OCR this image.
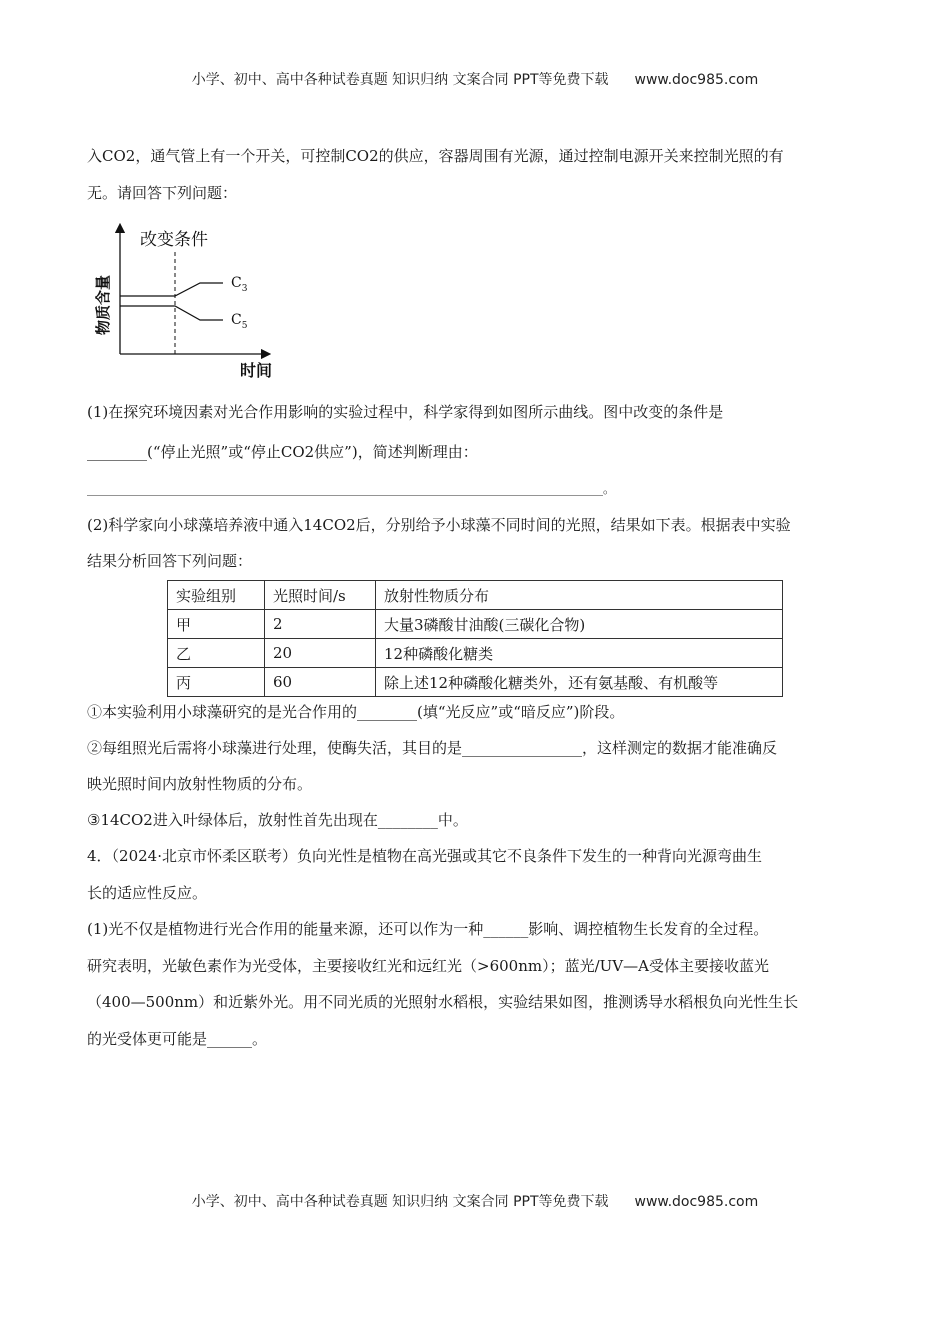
小学、初中、高中各种试卷真题 知识归纳 文案合同 PPT等免费下载 www.doc985.com
入CO2，通气管上有一个开关，可控制CO2的供应，容器周围有光源，通过控制电源开关来控制光照的有
无。请回答下列问题：
改变条件
物质含量
时间
$C_3$
$C_5$
(1)在探究环境因素对光合作用影响的实验过程中，科学家得到如图所示曲线。图中改变的条件是
________(“停止光照”或“停止CO2供应”)，简述判断理由：
______________________________________________________________________________________。
(2)科学家向小球藻培养液中通入14CO2后，分别给予小球藻不同时间的光照，结果如下表。根据表中实验
结果分析回答下列问题：
实验组别	光照时间/s	放射性物质分布
甲	2	大量3磷酸甘油酸(三碳化合物)
乙	20	12种磷酸化糖类
丙	60	除上述12种磷酸化糖类外，还有氨基酸、有机酸等
①本实验利用小球藻研究的是光合作用的________(填“光反应”或“暗反应”)阶段。
②每组照光后需将小球藻进行处理，使酶失活，其目的是________________，这样测定的数据才能准确反
映光照时间内放射性物质的分布。
③14CO2进入叶绿体后，放射性首先出现在________中。
4．（2024·北京市怀柔区联考）负向光性是植物在高光强或其它不良条件下发生的一种背向光源弯曲生
长的适应性反应。
(1)光不仅是植物进行光合作用的能量来源，还可以作为一种______影响、调控植物生长发育的全过程。
研究表明，光敏色素作为光受体，主要接收红光和远红光（>600nm）；蓝光/UV—A受体主要接收蓝光
（400—500nm）和近紫外光。用不同光质的光照射水稻根，实验结果如图，推测诱导水稻根负向光性生长
的光受体更可能是______。
小学、初中、高中各种试卷真题 知识归纳 文案合同 PPT等免费下载 www.doc985.com
